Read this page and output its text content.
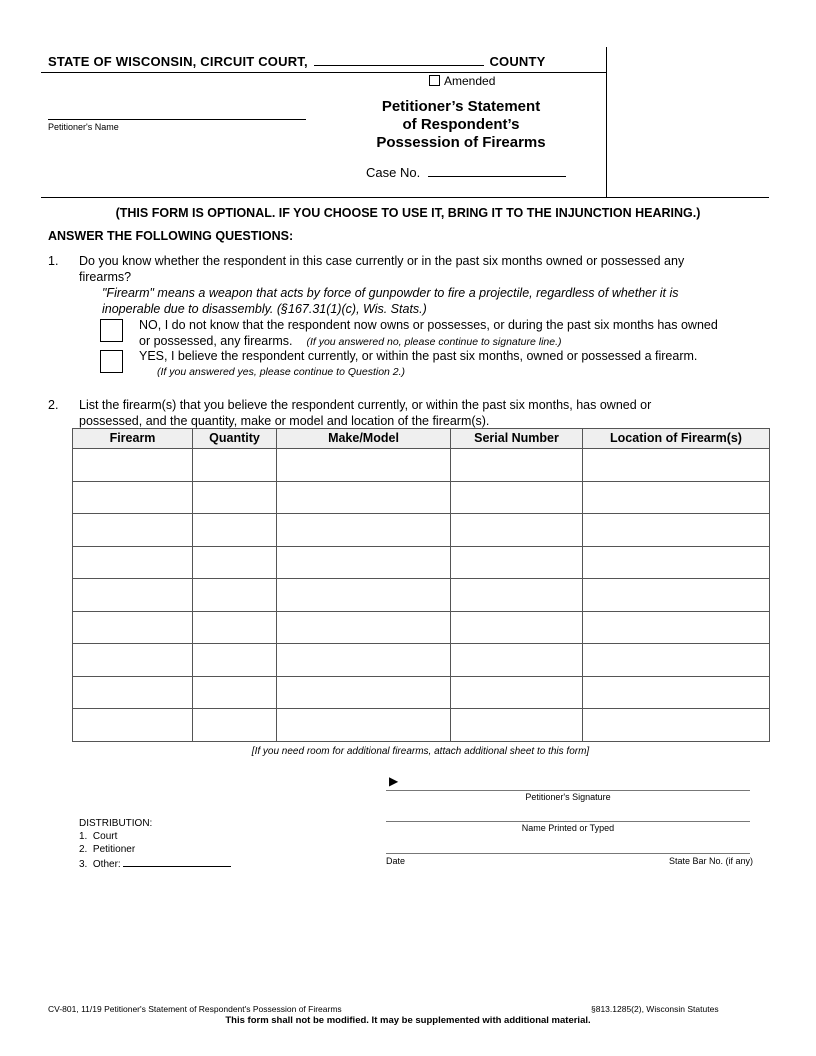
STATE OF WISCONSIN, CIRCUIT COURT,	COUNTY
Amended
Petitioner's Name
Petitioner’s Statement
of Respondent’s
Possession of Firearms
Case No.
(THIS FORM IS OPTIONAL. IF YOU CHOOSE TO USE IT, BRING IT TO THE INJUNCTION HEARING.)
ANSWER THE FOLLOWING QUESTIONS:
1. Do you know whether the respondent in this case currently or in the past six months owned or possessed any
firearms?
"Firearm" means a weapon that acts by force of gunpowder to fire a projectile, regardless of whether it is
inoperable due to disassembly. (§167.31(1)(c), Wis. Stats.)
NO, I do not know that the respondent now owns or possesses, or during the past six months has owned
or possessed, any firearms. (If you answered no, please continue to signature line.)
YES, I believe the respondent currently, or within the past six months, owned or possessed a firearm.
(If you answered yes, please continue to Question 2.)
2. List the firearm(s) that you believe the respondent currently, or within the past six months, has owned or
possessed, and the quantity, make or model and location of the firearm(s).
Firearm	Quantity	Make/Model	Serial Number	Location of Firearm(s)

[If you need room for additional firearms, attach additional sheet to this form]
▶
Petitioner's Signature
Name Printed or Typed
Date	State Bar No. (if any)
DISTRIBUTION:
1. Court
2. Petitioner
3. Other:
CV-801, 11/19 Petitioner's Statement of Respondent's Possession of Firearms	§813.1285(2), Wisconsin Statutes
This form shall not be modified. It may be supplemented with additional material.
